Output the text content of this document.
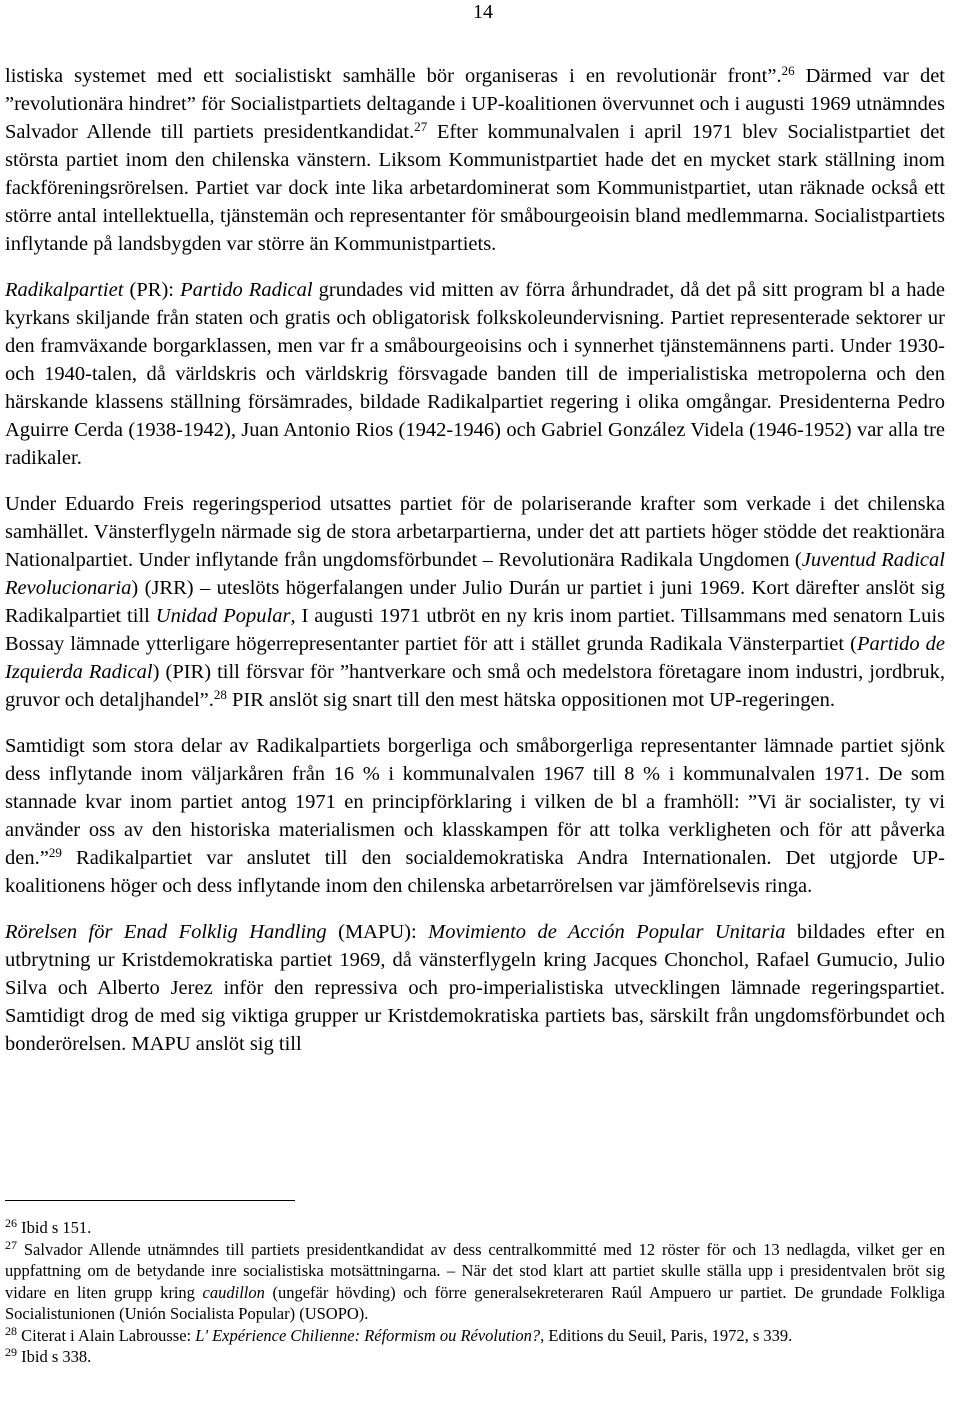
14

listiska systemet med ett socialistiskt samhälle bör organiseras i en revolutionär front”.$^{26}$ Därmed var det ”revolutionära hindret” för Socialistpartiets deltagande i UP-koalitionen övervunnet och i augusti 1969 utnämndes Salvador Allende till partiets presidentkandidat.$^{27}$ Efter kommunalvalen i april 1971 blev Socialistpartiet det största partiet inom den chilenska vänstern. Liksom Kommunistpartiet hade det en mycket stark ställning inom fackföreningsrörelsen. Partiet var dock inte lika arbetardominerat som Kommunistpartiet, utan räknade också ett större antal intellektuella, tjänstemän och representanter för småbourgeoisin bland medlemmarna. Socialistpartiets inflytande på landsbygden var större än Kommunistpartiets.

Radikalpartiet (PR): Partido Radical grundades vid mitten av förra århundradet, då det på sitt program bl a hade kyrkans skiljande från staten och gratis och obligatorisk folkskoleundervisning. Partiet representerade sektorer ur den framväxande borgarklassen, men var fr a småbourgeoisins och i synnerhet tjänstemännens parti. Under 1930- och 1940-talen, då världskris och världskrig försvagade banden till de imperialistiska metropolerna och den härskande klassens ställning försämrades, bildade Radikalpartiet regering i olika omgångar. Presidenterna Pedro Aguirre Cerda (1938-1942), Juan Antonio Rios (1942-1946) och Gabriel González Videla (1946-1952) var alla tre radikaler.

Under Eduardo Freis regeringsperiod utsattes partiet för de polariserande krafter som verkade i det chilenska samhället. Vänsterflygeln närmade sig de stora arbetarpartierna, under det att partiets höger stödde det reaktionära Nationalpartiet. Under inflytande från ungdomsförbundet – Revolutionära Radikala Ungdomen (Juventud Radical Revolucionaria) (JRR) – uteslöts högerfalangen under Julio Durán ur partiet i juni 1969. Kort därefter anslöt sig Radikalpartiet till Unidad Popular, I augusti 1971 utbröt en ny kris inom partiet. Tillsammans med senatorn Luis Bossay lämnade ytterligare högerrepresentanter partiet för att i stället grunda Radikala Vänsterpartiet (Partido de Izquierda Radical) (PIR) till försvar för ”hantverkare och små och medelstora företagare inom industri, jordbruk, gruvor och detaljhandel”.$^{28}$ PIR anslöt sig snart till den mest hätska oppositionen mot UP-regeringen.

Samtidigt som stora delar av Radikalpartiets borgerliga och småborgerliga representanter lämnade partiet sjönk dess inflytande inom väljarkåren från 16 % i kommunalvalen 1967 till 8 % i kommunalvalen 1971. De som stannade kvar inom partiet antog 1971 en principförklaring i vilken de bl a framhöll: ”Vi är socialister, ty vi använder oss av den historiska materialismen och klasskampen för att tolka verkligheten och för att påverka den.”$^{29}$ Radikalpartiet var anslutet till den socialdemokratiska Andra Internationalen. Det utgjorde UP-koalitionens höger och dess inflytande inom den chilenska arbetarrörelsen var jämförelsevis ringa.

Rörelsen för Enad Folklig Handling (MAPU): Movimiento de Acción Popular Unitaria bildades efter en utbrytning ur Kristdemokratiska partiet 1969, då vänsterflygeln kring Jacques Chonchol, Rafael Gumucio, Julio Silva och Alberto Jerez inför den repressiva och pro-imperialistiska utvecklingen lämnade regeringspartiet. Samtidigt drog de med sig viktiga grupper ur Kristdemokratiska partiets bas, särskilt från ungdomsförbundet och bonderörelsen. MAPU anslöt sig till

$^{26}$ Ibid s 151.

$^{27}$ Salvador Allende utnämndes till partiets presidentkandidat av dess centralkommitté med 12 röster för och 13 nedlagda, vilket ger en uppfattning om de betydande inre socialistiska motsättningarna. – När det stod klart att partiet skulle ställa upp i presidentvalen bröt sig vidare en liten grupp kring caudillon (ungefär hövding) och förre generalsekreteraren Raúl Ampuero ur partiet. De grundade Folkliga Socialistunionen (Unión Socialista Popular) (USOPO).

$^{28}$ Citerat i Alain Labrousse: L' Expérience Chilienne: Réformism ou Révolution?, Editions du Seuil, Paris, 1972, s 339.

$^{29}$ Ibid s 338.
